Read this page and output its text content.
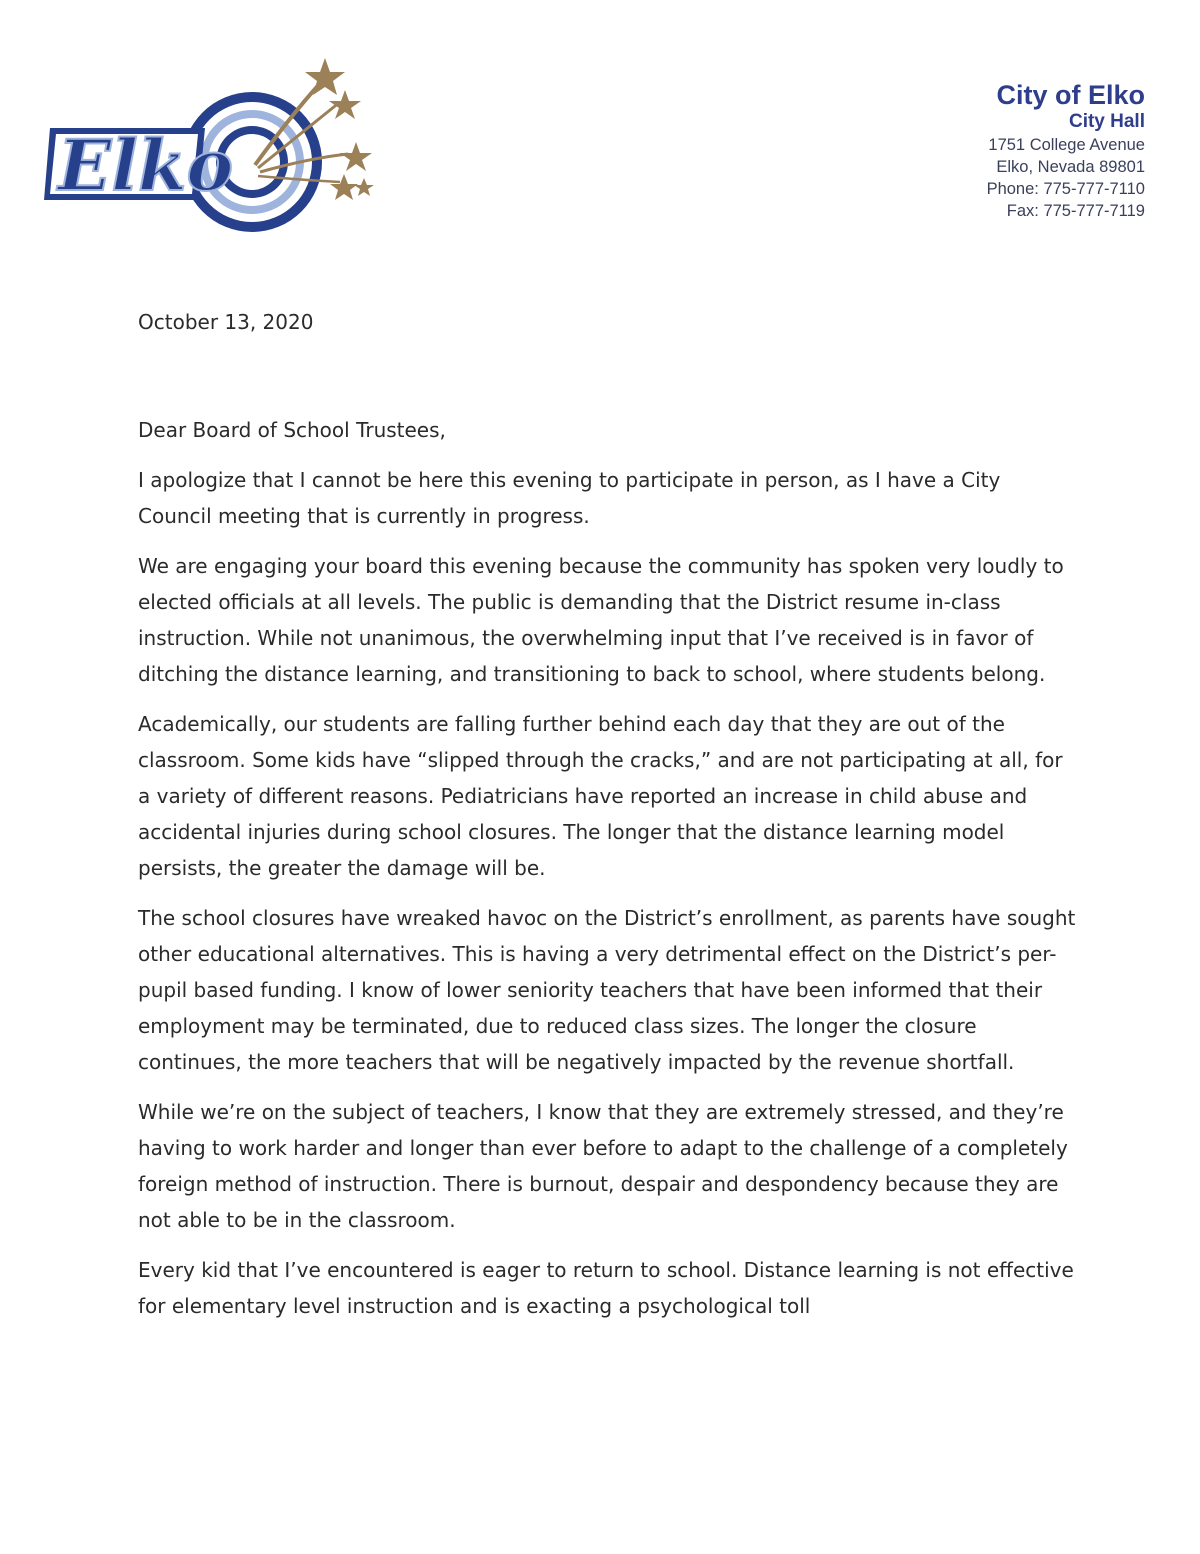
Elko
City of Elko
City Hall
1751 College Avenue
Elko, Nevada 89801
Phone: 775-777-7110
Fax: 775-777-7119
October 13, 2020
Dear Board of School Trustees,

I apologize that I cannot be here this evening to participate in person, as I have a City Council meeting that is currently in progress.

We are engaging your board this evening because the community has spoken very loudly to elected officials at all levels. The public is demanding that the District resume in-class instruction. While not unanimous, the overwhelming input that I’ve received is in favor of ditching the distance learning, and transitioning to back to school, where students belong.

Academically, our students are falling further behind each day that they are out of the classroom. Some kids have “slipped through the cracks,” and are not participating at all, for a variety of different reasons. Pediatricians have reported an increase in child abuse and accidental injuries during school closures. The longer that the distance learning model persists, the greater the damage will be.

The school closures have wreaked havoc on the District’s enrollment, as parents have sought other educational alternatives. This is having a very detrimental effect on the District’s per-pupil based funding. I know of lower seniority teachers that have been informed that their employment may be terminated, due to reduced class sizes. The longer the closure continues, the more teachers that will be negatively impacted by the revenue shortfall.

While we’re on the subject of teachers, I know that they are extremely stressed, and they’re having to work harder and longer than ever before to adapt to the challenge of a completely foreign method of instruction. There is burnout, despair and despondency because they are not able to be in the classroom.

Every kid that I’ve encountered is eager to return to school. Distance learning is not effective for elementary level instruction and is exacting a psychological toll
